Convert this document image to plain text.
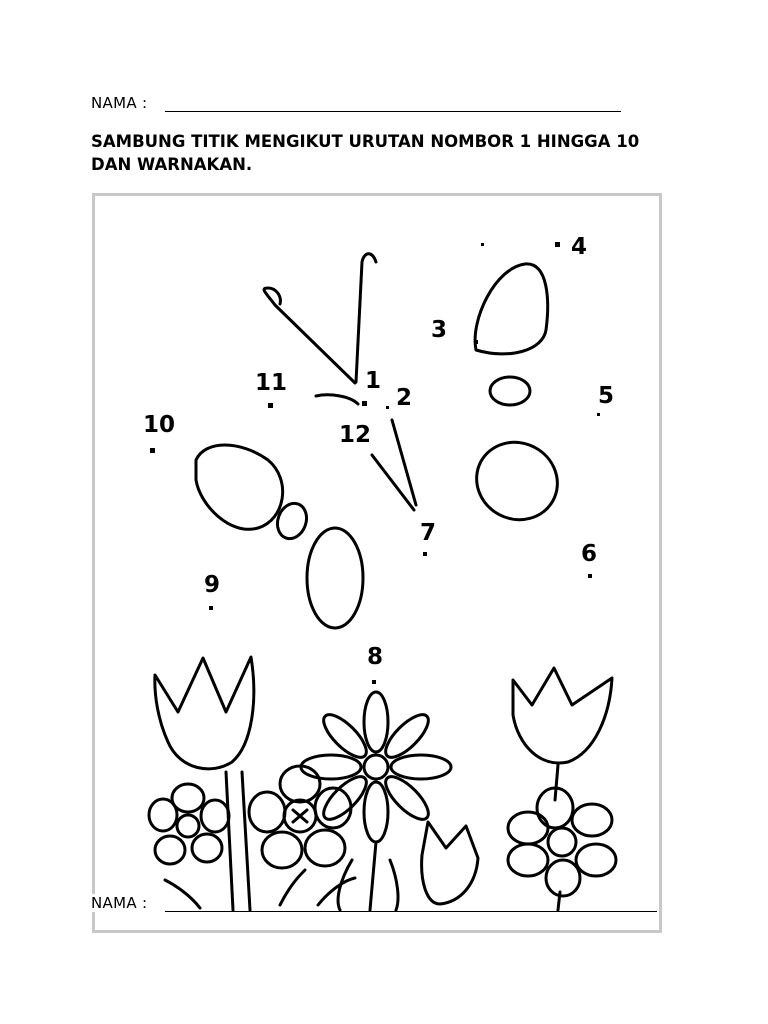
NAMA :
SAMBUNG TITIK MENGIKUT URUTAN NOMBOR 1 HINGGA 10
DAN WARNAKAN.
1
2
3
4
5
6
7
8
9
10
11
12
NAMA :
